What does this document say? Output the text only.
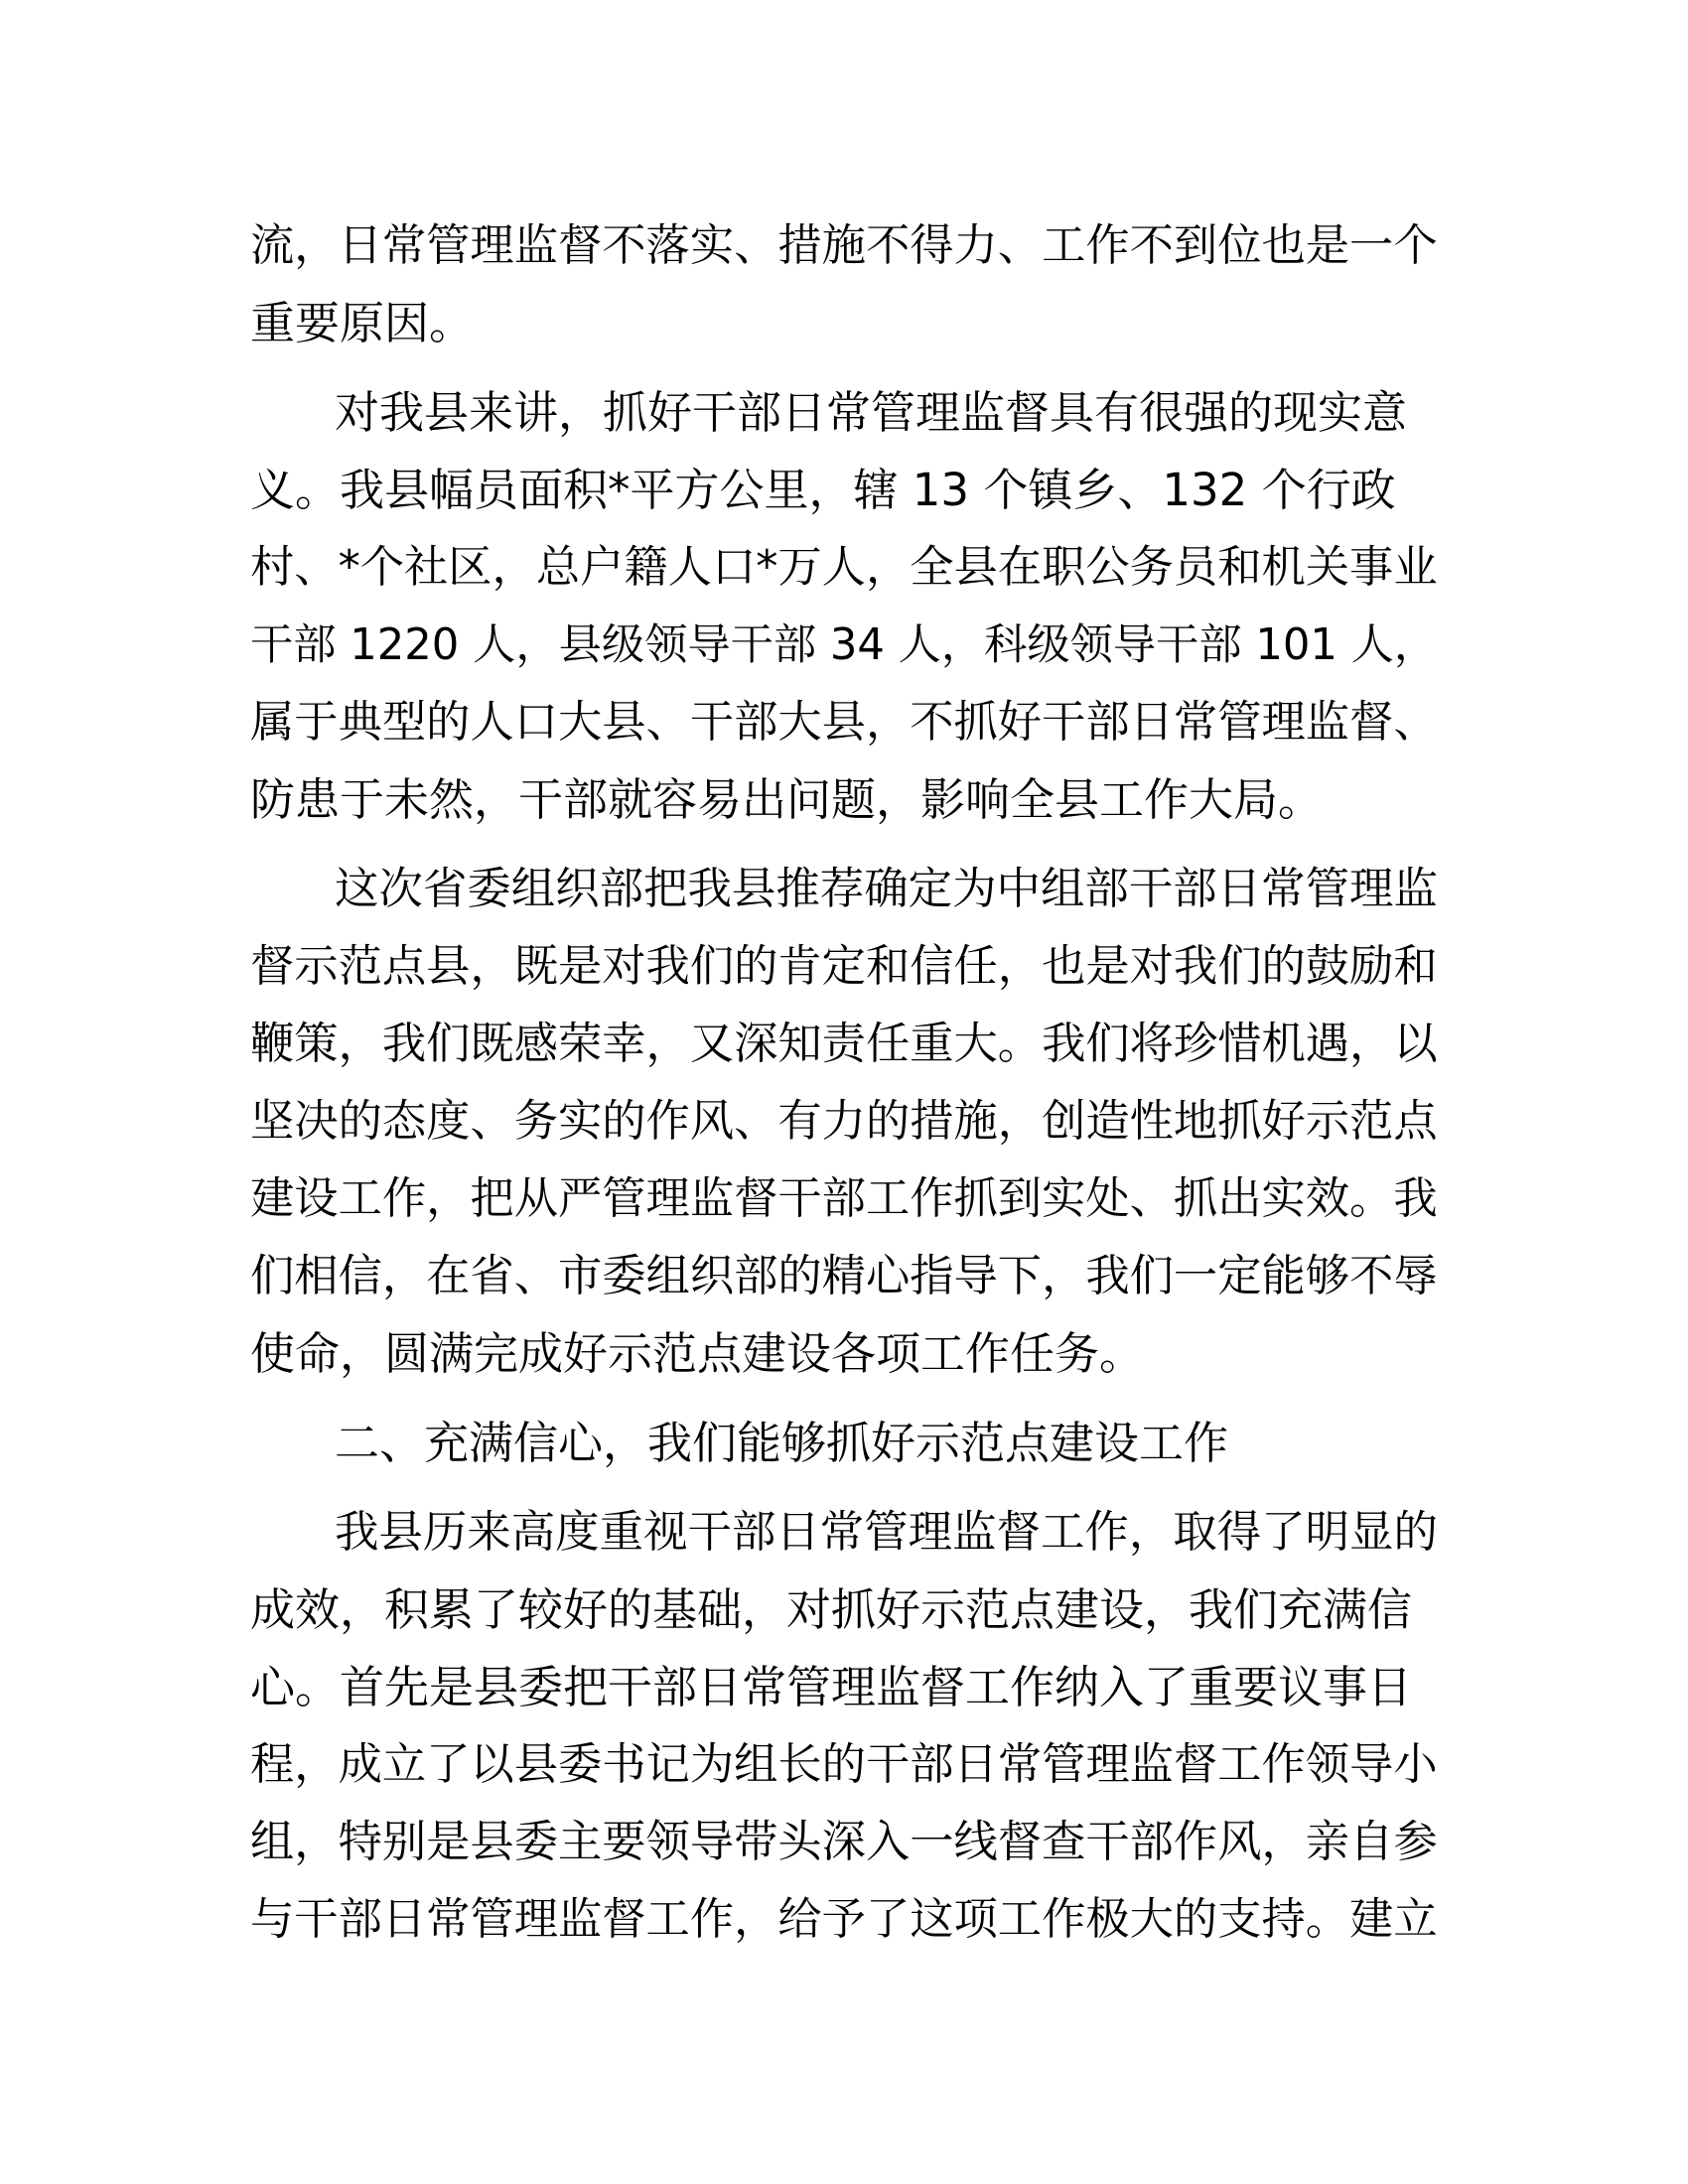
流，日常管理监督不落实、措施不得力、工作不到位也是一个
重要原因。
对我县来讲，抓好干部日常管理监督具有很强的现实意
义。我县幅员面积*平方公里，辖 13 个镇乡、132 个行政
村、*个社区，总户籍人口*万人，全县在职公务员和机关事业
干部 1220 人，县级领导干部 34 人，科级领导干部 101 人，
属于典型的人口大县、干部大县，不抓好干部日常管理监督、
防患于未然，干部就容易出问题，影响全县工作大局。
这次省委组织部把我县推荐确定为中组部干部日常管理监
督示范点县，既是对我们的肯定和信任，也是对我们的鼓励和
鞭策，我们既感荣幸，又深知责任重大。我们将珍惜机遇，以
坚决的态度、务实的作风、有力的措施，创造性地抓好示范点
建设工作，把从严管理监督干部工作抓到实处、抓出实效。我
们相信，在省、市委组织部的精心指导下，我们一定能够不辱
使命，圆满完成好示范点建设各项工作任务。
二、充满信心，我们能够抓好示范点建设工作
我县历来高度重视干部日常管理监督工作，取得了明显的
成效，积累了较好的基础，对抓好示范点建设，我们充满信
心。首先是县委把干部日常管理监督工作纳入了重要议事日
程，成立了以县委书记为组长的干部日常管理监督工作领导小
组，特别是县委主要领导带头深入一线督查干部作风，亲自参
与干部日常管理监督工作，给予了这项工作极大的支持。建立
